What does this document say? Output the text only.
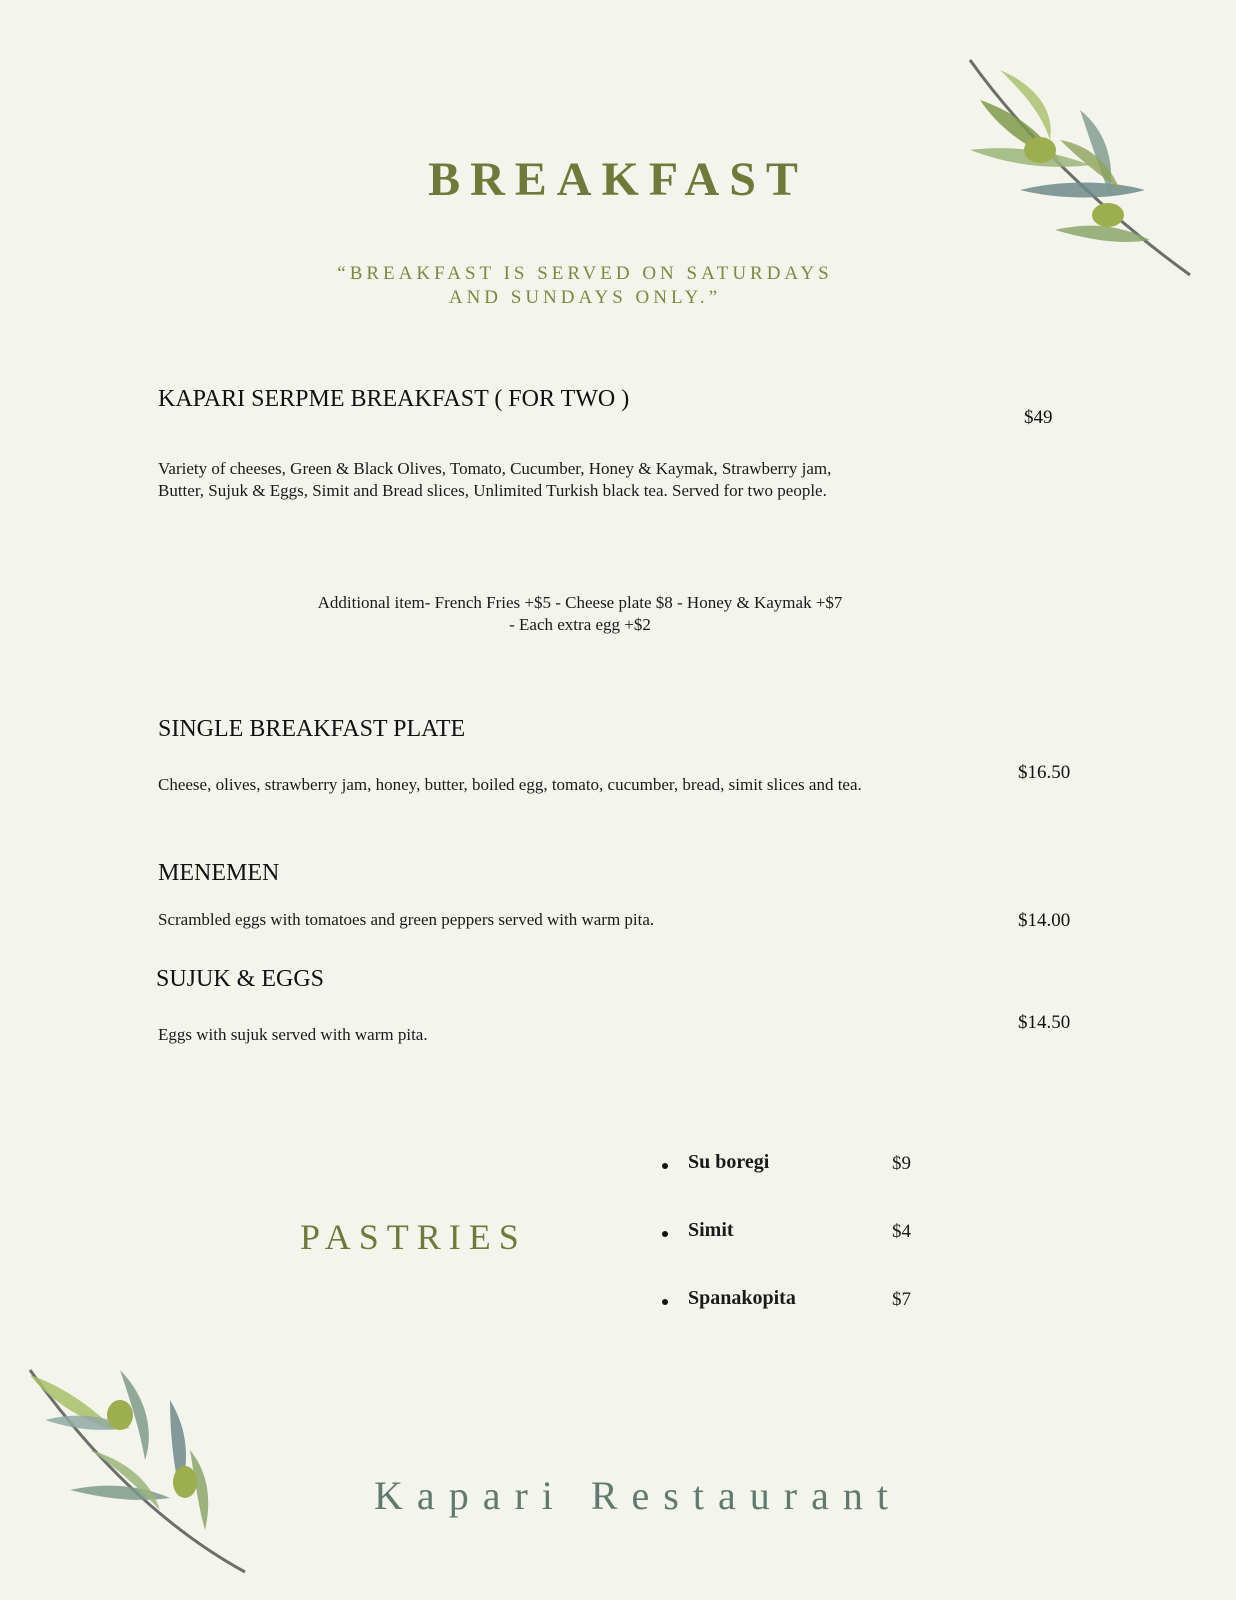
BREAKFAST
“BREAKFAST IS SERVED ON SATURDAYS
AND SUNDAYS ONLY.”
KAPARI SERPME BREAKFAST ( FOR TWO )
$49
Variety of cheeses, Green & Black Olives, Tomato, Cucumber, Honey & Kaymak, Strawberry jam,
Butter, Sujuk & Eggs, Simit and Bread slices, Unlimited Turkish black tea. Served for two people.
Additional item- French Fries +$5 - Cheese plate $8 - Honey & Kaymak +$7
- Each extra egg +$2
SINGLE BREAKFAST PLATE
$16.50
Cheese, olives, strawberry jam, honey, butter, boiled egg, tomato, cucumber, bread, simit slices and tea.
MENEMEN
$14.00
Scrambled eggs with tomatoes and green peppers served with warm pita.
SUJUK & EGGS
$14.50
Eggs with sujuk served with warm pita.
PASTRIES
Su boregi	$9
Simit	$4
Spanakopita	$7
Kapari Restaurant
